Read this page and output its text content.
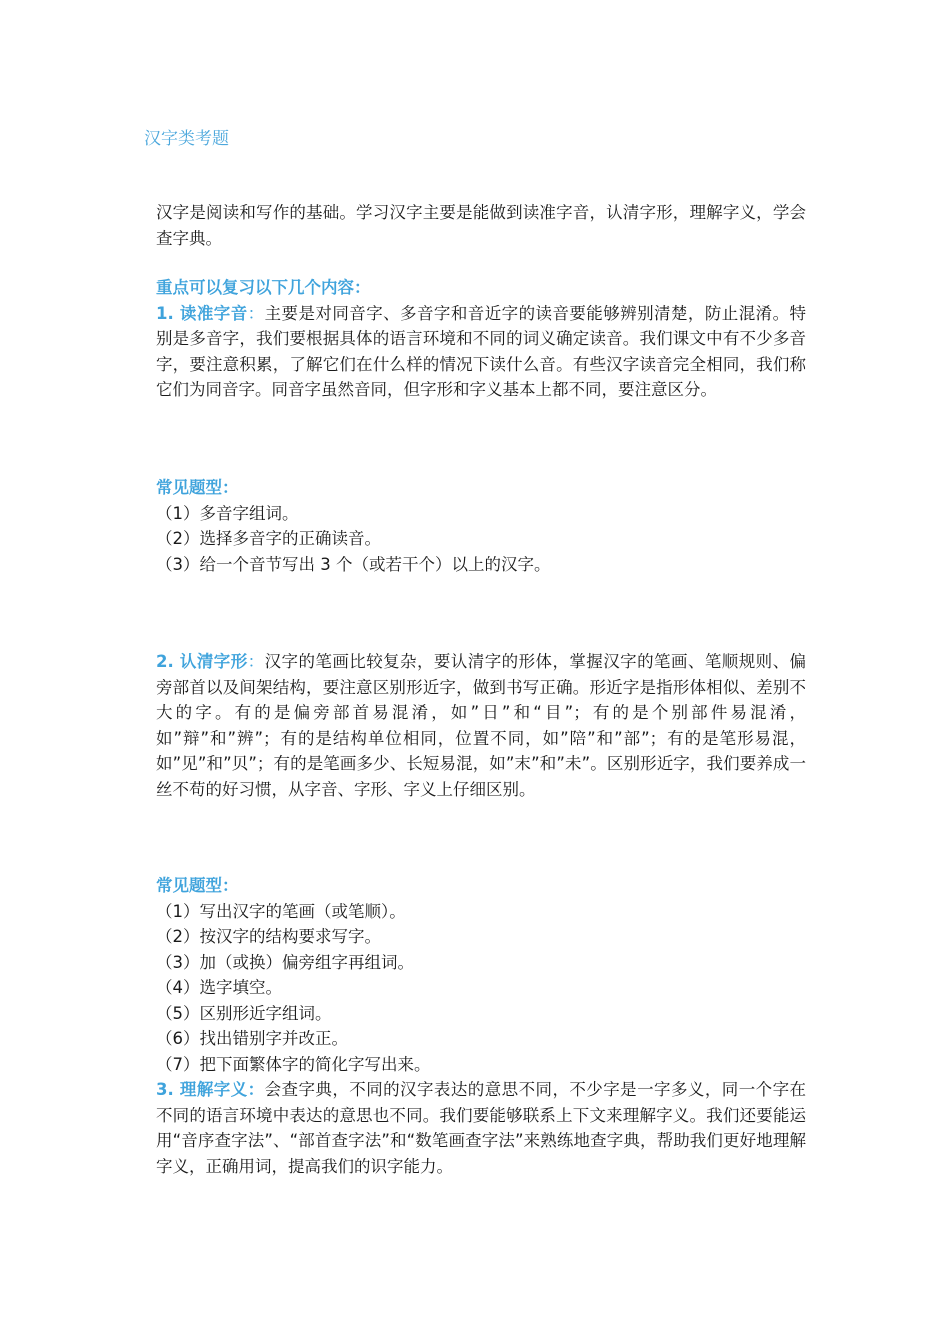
汉字类考题

汉字是阅读和写作的基础。学习汉字主要是能做到读准字音，认清字形，理解字义，学会查字典。

重点可以复习以下几个内容：

1. 读准字音：主要是对同音字、多音字和音近字的读音要能够辨别清楚，防止混淆。特别是多音字，我们要根据具体的语言环境和不同的词义确定读音。我们课文中有不少多音字，要注意积累，了解它们在什么样的情况下读什么音。有些汉字读音完全相同，我们称它们为同音字。同音字虽然音同，但字形和字义基本上都不同，要注意区分。

常见题型：
（1）多音字组词。
（2）选择多音字的正确读音。
（3）给一个音节写出 3 个（或若干个）以上的汉字。

2. 认清字形：汉字的笔画比较复杂，要认清字的形体，掌握汉字的笔画、笔顺规则、偏旁部首以及间架结构，要注意区别形近字，做到书写正确。形近字是指形体相似、差别不大的字。有的是偏旁部首易混淆，如”日”和“目”；有的是个别部件易混淆，如”辩”和”辨”；有的是结构单位相同，位置不同，如”陪”和”部”；有的是笔形易混，如”见”和”贝”；有的是笔画多少、长短易混，如”末”和”未”。区别形近字，我们要养成一丝不苟的好习惯，从字音、字形、字义上仔细区别。

常见题型：
（1）写出汉字的笔画（或笔顺）。
（2）按汉字的结构要求写字。
（3）加（或换）偏旁组字再组词。
（4）选字填空。
（5）区别形近字组词。
（6）找出错别字并改正。
（7）把下面繁体字的简化字写出来。

3. 理解字义：会查字典，不同的汉字表达的意思不同，不少字是一字多义，同一个字在不同的语言环境中表达的意思也不同。我们要能够联系上下文来理解字义。我们还要能运用“音序查字法”、“部首查字法”和“数笔画查字法”来熟练地查字典，帮助我们更好地理解字义，正确用词，提高我们的识字能力。
